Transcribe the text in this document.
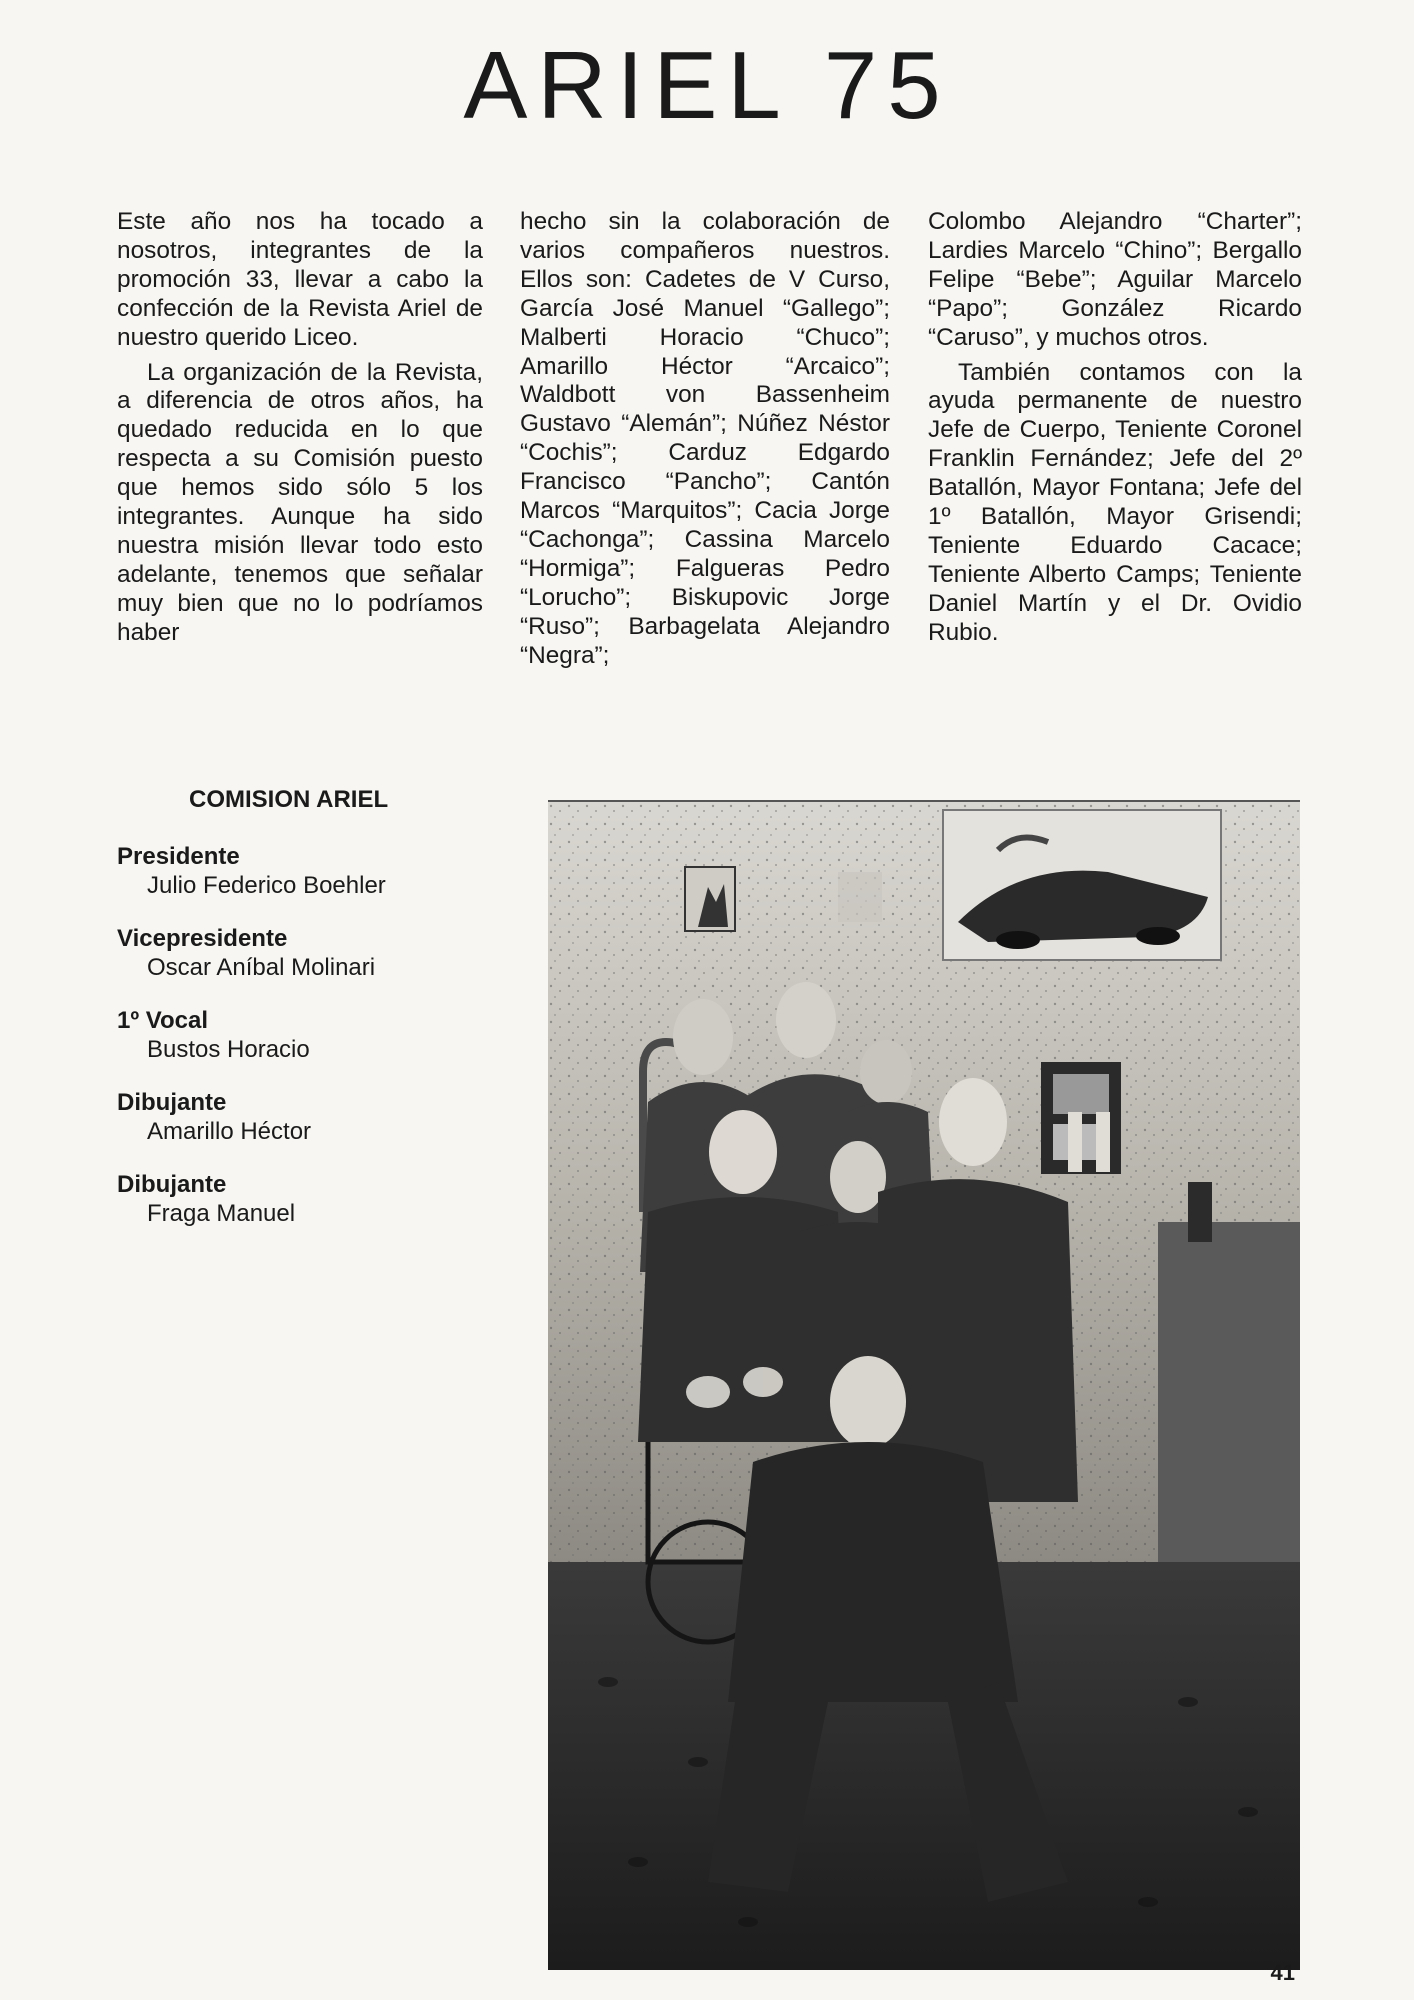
ARIEL 75

Este año nos ha tocado a nosotros, integrantes de la promoción 33, llevar a cabo la confección de la Revista Ariel de nuestro querido Liceo.

La organización de la Revista, a diferencia de otros años, ha quedado reducida en lo que respecta a su Comisión puesto que hemos sido sólo 5 los integrantes. Aunque ha sido nuestra misión llevar todo esto adelante, tenemos que señalar muy bien que no lo podríamos haber

hecho sin la colaboración de varios compañeros nuestros. Ellos son: Cadetes de V Curso, García José Manuel “Gallego”; Malberti Horacio “Chuco”; Amarillo Héctor “Arcaico”; Waldbott von Bassenheim Gustavo “Alemán”; Núñez Néstor “Cochis”; Carduz Edgardo Francisco “Pancho”; Cantón Marcos “Marquitos”; Cacia Jorge “Cachonga”; Cassina Marcelo “Hormiga”; Falgueras Pedro “Lorucho”; Biskupovic Jorge “Ruso”; Barbagelata Alejandro “Negra”;

Colombo Alejandro “Charter”; Lardies Marcelo “Chino”; Bergallo Felipe “Bebe”; Aguilar Marcelo “Papo”; González Ricardo “Caruso”, y muchos otros.

También contamos con la ayuda permanente de nuestro Jefe de Cuerpo, Teniente Coronel Franklin Fernández; Jefe del 2º Batallón, Mayor Fontana; Jefe del 1º Batallón, Mayor Grisendi; Teniente Eduardo Cacace; Teniente Alberto Camps; Teniente Daniel Martín y el Dr. Ovidio Rubio.

COMISION ARIEL
Presidente
Julio Federico Boehler
Vicepresidente
Oscar Aníbal Molinari
1º Vocal
Bustos Horacio
Dibujante
Amarillo Héctor
Dibujante
Fraga Manuel
41
